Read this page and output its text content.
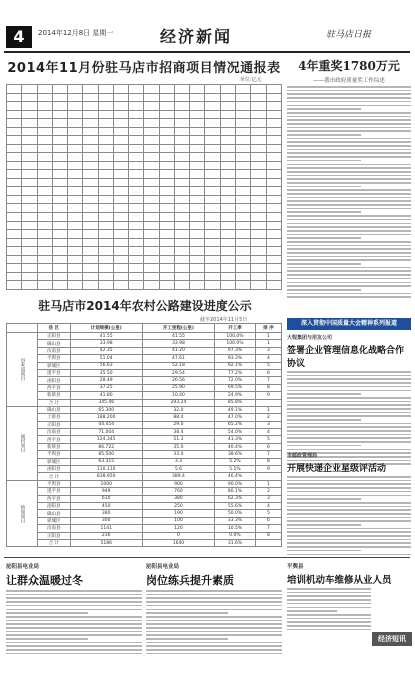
4	2014年12月8日 星期一	经济新闻	驻马店日报
2014年11月份驻马店市招商项目情况通报表
单位:亿元

驻马店市2014年农村公路建设进度公示
截至2014年11月5日
	县 区	计划规模(公里)	开工里程(公里)	开工率	排 序
县乡道项目	正阳县	41.55	41.55	100.0%	1
	确山县	33.98	33.98	100.0%	1
	汝南县	42.35	41.20	97.3%	3
	平舆县	51.04	47.61	93.3%	4
	驿城区	56.63	52.18	92.1%	5
	遂平县	35.50	29.54	77.2%	6
	泌阳县	28.49	26.56	72.0%	7
	西平县	37.25	25.90	69.5%	8
	新蔡县	41.80	10.40	24.9%	9
	合 计	345.46	293.24	85.8%	
通村项目	确山县	65.300	32.0	49.1%	1
	上蔡县	188.200	88.4	47.0%	2
	正阳县	44.454	29.0	65.2%	3
	汝南县	71.004	38.4	54.0%	4
	西平县	124.345	51.3	41.3%	5
	新蔡县	86.722	35.0	40.4%	6
	平舆县	85.500	33.0	38.6%	7
	驿城区	63.315	3.3	5.2%	8
	泌阳县	110.110	5.6	5.1%	9
	合 计	838.950	389.4	46.4%	
桥梁项目	平舆县	1000	900	90.0%	1
	遂平县	949	760	80.1%	2
	西平县	610	380	62.3%	3
	泌阳县	450	250	55.6%	4
	确山县	380	190	50.0%	5
	驿城区	300	100	33.3%	6
	汝南县	1141	120	10.5%	7
	正阳县	236	0	0.0%	8
	合 计	5186	1640	31.6%	
4年重奖1780万元
——我市政府质量奖工作综述
深入贯彻中国质量大会精神系列报道
大程集团与用友公司
签署企业管理信息化战略合作协议
市邮政管理局
开展快递企业星级评活动
泌阳县电业局
让群众温暖过冬
泌阳县电业局
岗位练兵提升素质
平舆县
培训机动车维修从业人员
经济短讯
